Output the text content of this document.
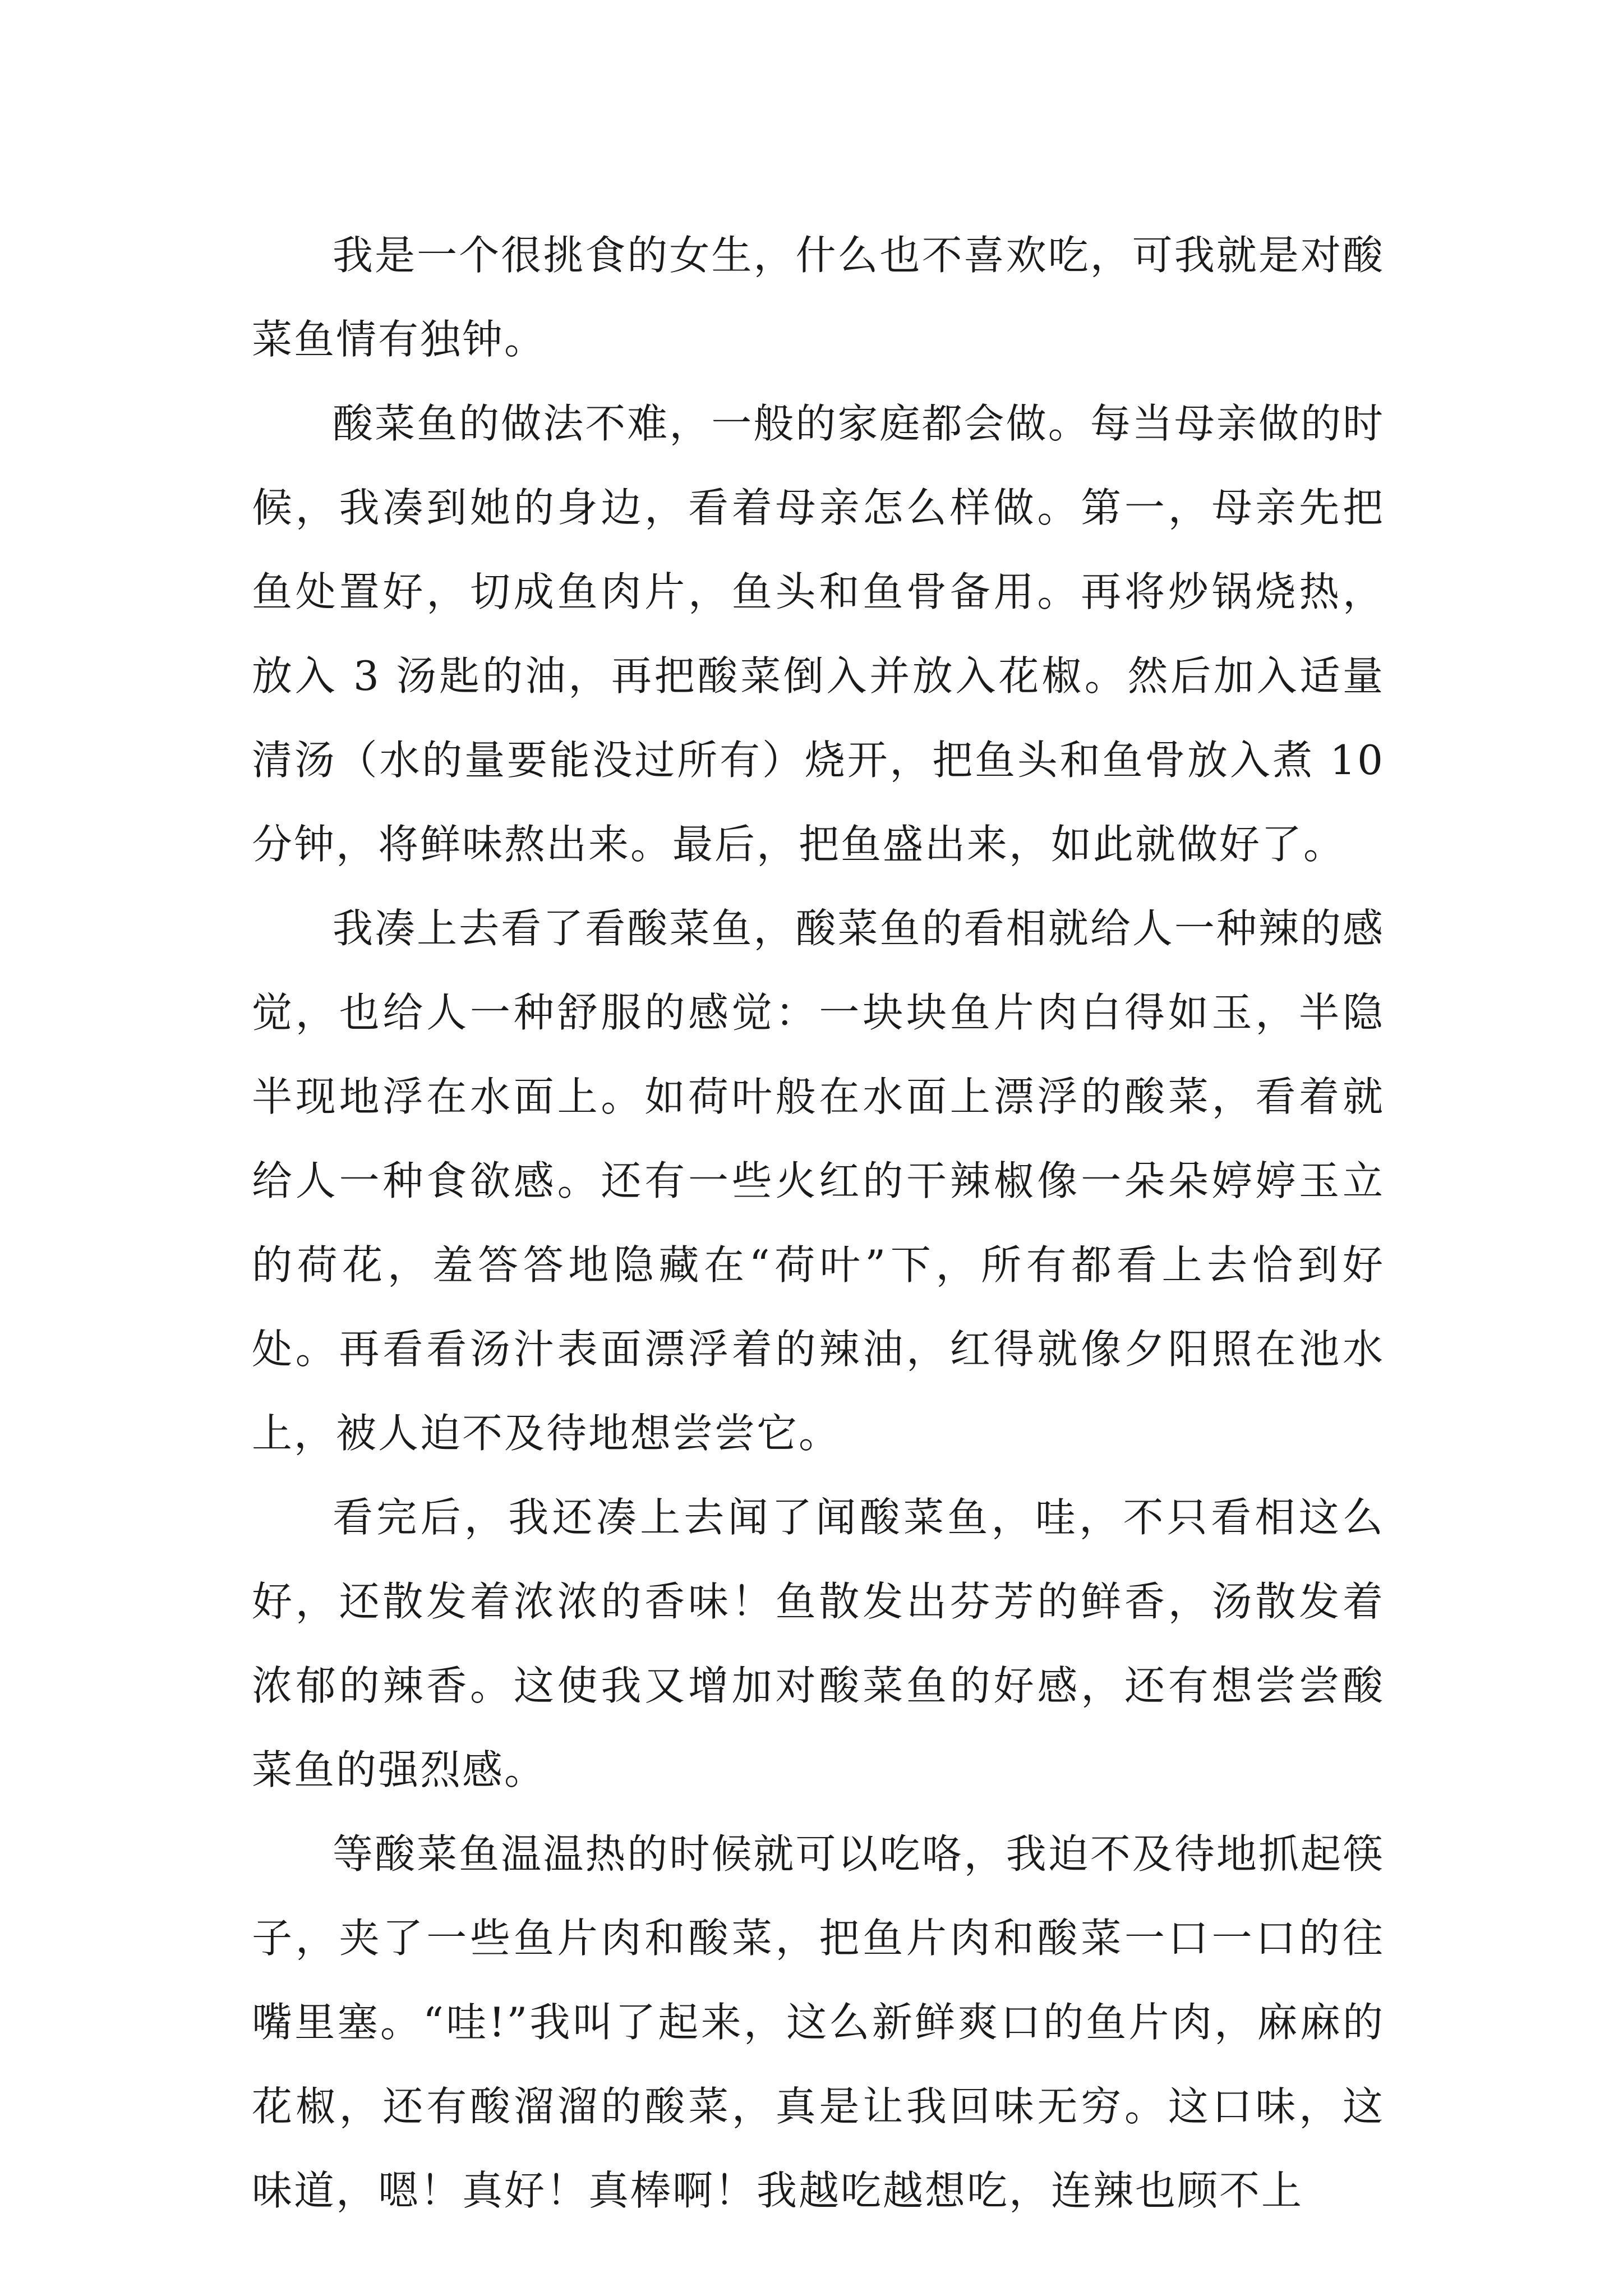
我是一个很挑食的女生，什么也不喜欢吃，可我就是对酸菜鱼情有独钟。

酸菜鱼的做法不难，一般的家庭都会做。每当母亲做的时候，我凑到她的身边，看着母亲怎么样做。第一，母亲先把鱼处置好，切成鱼肉片，鱼头和鱼骨备用。再将炒锅烧热，放入 3 汤匙的油，再把酸菜倒入并放入花椒。然后加入适量清汤（水的量要能没过所有）烧开，把鱼头和鱼骨放入煮 10 分钟，将鲜味熬出来。最后，把鱼盛出来，如此就做好了。

我凑上去看了看酸菜鱼，酸菜鱼的看相就给人一种辣的感觉，也给人一种舒服的感觉：一块块鱼片肉白得如玉，半隐半现地浮在水面上。如荷叶般在水面上漂浮的酸菜，看着就给人一种食欲感。还有一些火红的干辣椒像一朵朵婷婷玉立的荷花，羞答答地隐藏在“荷叶”下，所有都看上去恰到好处。再看看汤汁表面漂浮着的辣油，红得就像夕阳照在池水上，被人迫不及待地想尝尝它。

看完后，我还凑上去闻了闻酸菜鱼，哇，不只看相这么好，还散发着浓浓的香味！鱼散发出芬芳的鲜香，汤散发着浓郁的辣香。这使我又增加对酸菜鱼的好感，还有想尝尝酸菜鱼的强烈感。

等酸菜鱼温温热的时候就可以吃咯，我迫不及待地抓起筷子，夹了一些鱼片肉和酸菜，把鱼片肉和酸菜一口一口的往嘴里塞。“哇!”我叫了起来，这么新鲜爽口的鱼片肉，麻麻的花椒，还有酸溜溜的酸菜，真是让我回味无穷。这口味，这味道，嗯！真好！真棒啊！我越吃越想吃，连辣也顾不上
